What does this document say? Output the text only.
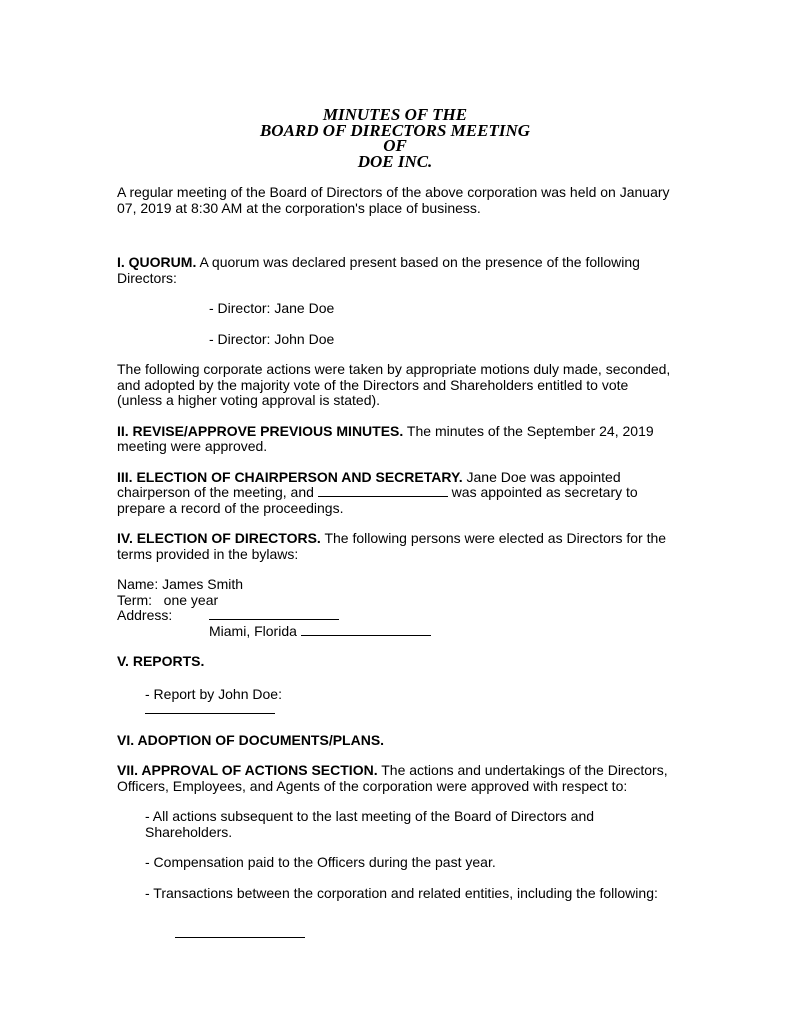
MINUTES OF THE
BOARD OF DIRECTORS MEETING
OF
DOE INC.

A regular meeting of the Board of Directors of the above corporation was held on January 07, 2019 at 8:30 AM at the corporation's place of business.

I. QUORUM. A quorum was declared present based on the presence of the following Directors:

- Director: Jane Doe

- Director: John Doe

The following corporate actions were taken by appropriate motions duly made, seconded, and adopted by the majority vote of the Directors and Shareholders entitled to vote (unless a higher voting approval is stated).

II. REVISE/APPROVE PREVIOUS MINUTES. The minutes of the September 24, 2019 meeting were approved.

III. ELECTION OF CHAIRPERSON AND SECRETARY. Jane Doe was appointed chairperson of the meeting, and	was appointed as secretary to prepare a record of the proceedings.

IV. ELECTION OF DIRECTORS. The following persons were elected as Directors for the terms provided in the bylaws:

Name: James Smith
Term: one year
Address:
Miami, Florida

V. REPORTS.

- Report by John Doe:

VI. ADOPTION OF DOCUMENTS/PLANS.

VII. APPROVAL OF ACTIONS SECTION. The actions and undertakings of the Directors, Officers, Employees, and Agents of the corporation were approved with respect to:

- All actions subsequent to the last meeting of the Board of Directors and Shareholders.

- Compensation paid to the Officers during the past year.

- Transactions between the corporation and related entities, including the following:
